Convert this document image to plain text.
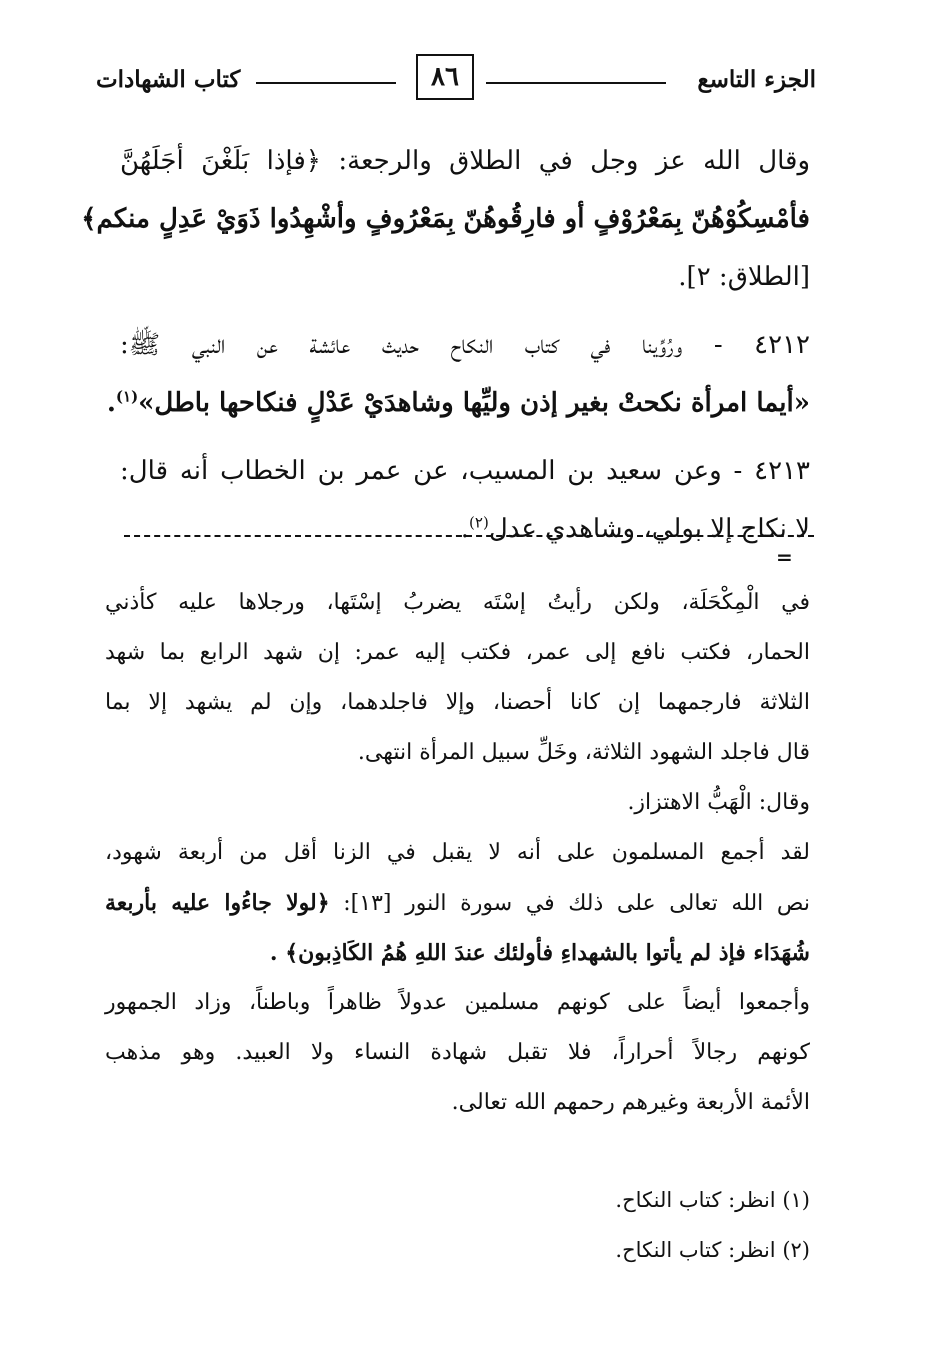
الجزء التاسع
٨٦
كتاب الشهادات
وقال الله عز وجل في الطلاق والرجعة: ﴿فإذا بَلَغْنَ أجَلَهُنَّ
فأمْسِكُوْهُنّ بِمَعْرُوْفٍ أو فارِقُوهُنّ بِمَعْرُوفٍ وأشْهِدُوا ذَوَيْ عَدِلٍ منكم﴾
[الطلاق: ٢].
٤٢١٢ - ورُوِّينا في كتاب النكاح حديث عائشة عن النبي ﷺ:
«أيما امرأة نكحتْ بغير إذن وليِّها وشاهدَيْ عَدْلٍ فنكاحها باطل»$^{(١)}$.
٤٢١٣ - وعن سعيد بن المسيب، عن عمر بن الخطاب أنه قال:
لا نكاح إلا بولي، وشاهدي عدل$^{(٢)}$.
=
في الْمِكْحَلَة، ولكن رأيتُ إسْتَه يضربُ إسْتَها، ورجلاها عليه كأذني
الحمار، فكتب نافع إلى عمر، فكتب إليه عمر: إن شهد الرابع بما شهد
الثلاثة فارجمهما إن كانا أحصنا، وإلا فاجلدهما، وإن لم يشهد إلا بما
قال فاجلد الشهود الثلاثة، وخَلِّ سبيل المرأة انتهى.
وقال: الْهَبُّ الاهتزاز.
لقد أجمع المسلمون على أنه لا يقبل في الزنا أقل من أربعة شهود،
نص الله تعالى على ذلك في سورة النور [١٣]: ﴿لولا جاءُوا عليه بأربعة
شُهَدَاء فإذ لم يأتوا بالشهداءِ فأولئك عندَ اللهِ هُمُ الكَاذِبون﴾ .
وأجمعوا أيضاً على كونهم مسلمين عدولاً ظاهراً وباطناً، وزاد الجمهور
كونهم رجالاً أحراراً، فلا تقبل شهادة النساء ولا العبيد. وهو مذهب
الأئمة الأربعة وغيرهم رحمهم الله تعالى.
(١) انظر: كتاب النكاح.
(٢) انظر: كتاب النكاح.
